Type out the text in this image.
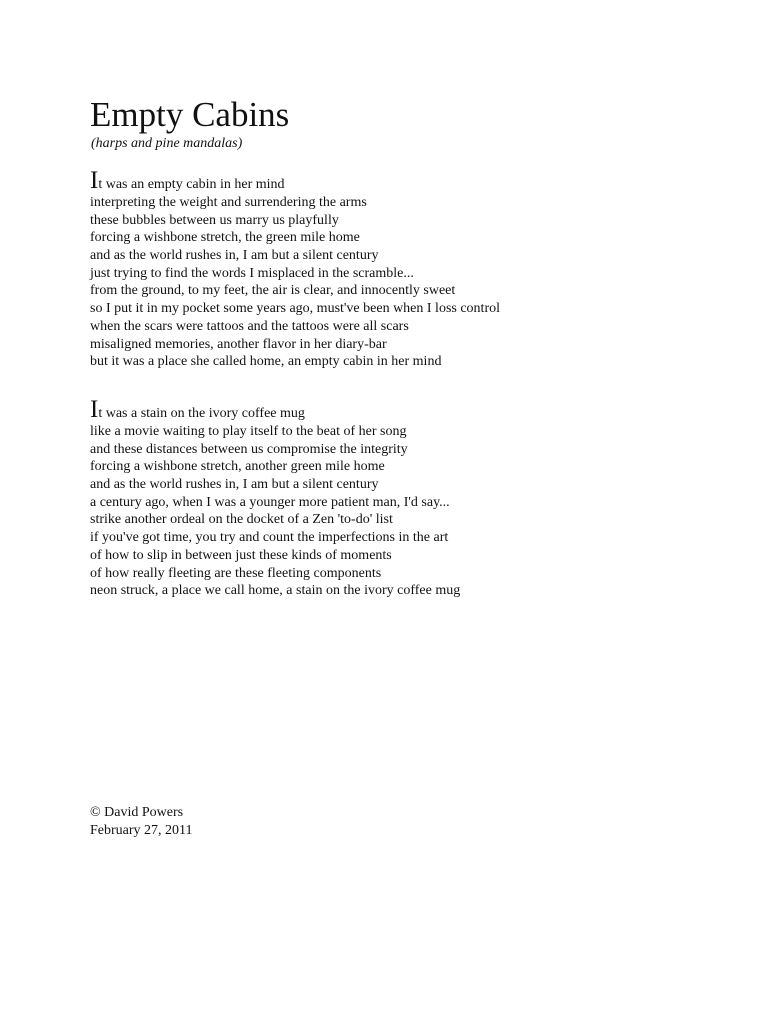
Empty Cabins

(harps and pine mandalas)

It was an empty cabin in her mind
interpreting the weight and surrendering the arms
these bubbles between us marry us playfully
forcing a wishbone stretch, the green mile home
and as the world rushes in, I am but a silent century
just trying to find the words I misplaced in the scramble...
from the ground, to my feet, the air is clear, and innocently sweet
so I put it in my pocket some years ago, must've been when I loss control
when the scars were tattoos and the tattoos were all scars
misaligned memories, another flavor in her diary-bar
but it was a place she called home, an empty cabin in her mind
It was a stain on the ivory coffee mug
like a movie waiting to play itself to the beat of her song
and these distances between us compromise the integrity
forcing a wishbone stretch, another green mile home
and as the world rushes in, I am but a silent century
a century ago, when I was a younger more patient man, I'd say...
strike another ordeal on the docket of a Zen 'to-do' list
if you've got time, you try and count the imperfections in the art
of how to slip in between just these kinds of moments
of how really fleeting are these fleeting components
neon struck, a place we call home, a stain on the ivory coffee mug
© David Powers
February 27, 2011
